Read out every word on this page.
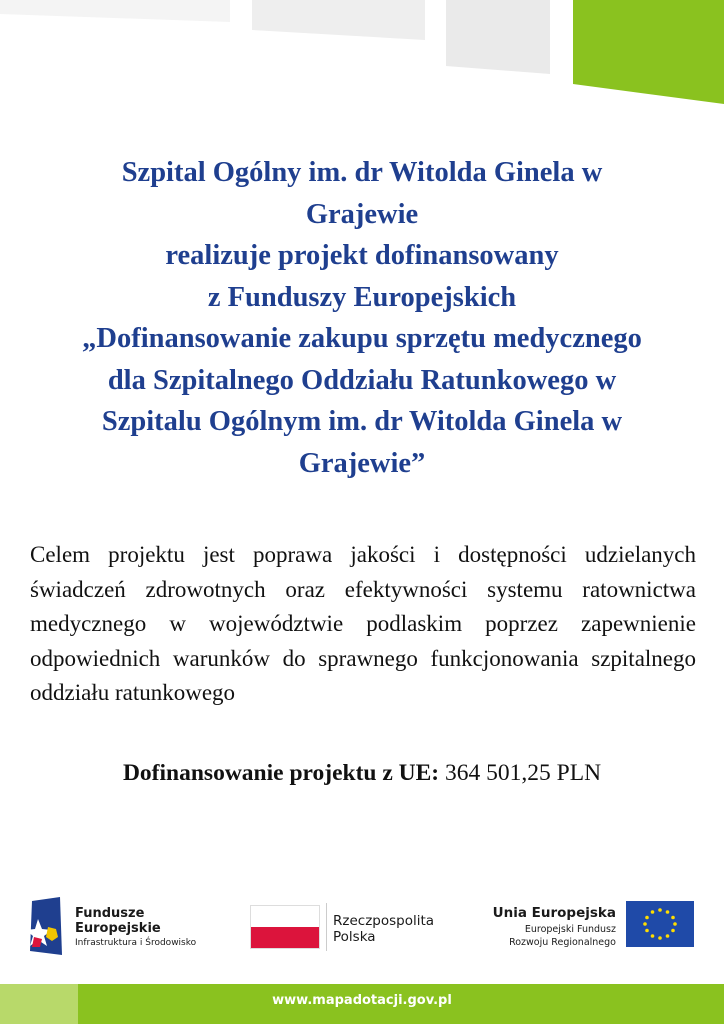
Szpital Ogólny im. dr Witolda Ginela w
Grajewie
realizuje projekt dofinansowany
z Funduszy Europejskich
„Dofinansowanie zakupu sprzętu medycznego
dla Szpitalnego Oddziału Ratunkowego w
Szpitalu Ogólnym im. dr Witolda Ginela w
Grajewie”
Celem projektu jest poprawa jakości i dostępności udzielanych świadczeń zdrowotnych oraz efektywności systemu ratownictwa medycznego w województwie podlaskim poprzez zapewnienie odpowiednich warunków do sprawnego funkcjonowania szpitalnego oddziału ratunkowego
Dofinansowanie projektu z UE: 364 501,25 PLN
Fundusze
Europejskie
Infrastruktura i Środowisko
Rzeczpospolita
Polska
Unia Europejska
Europejski Fundusz
Rozwoju Regionalnego
www.mapadotacji.gov.pl
